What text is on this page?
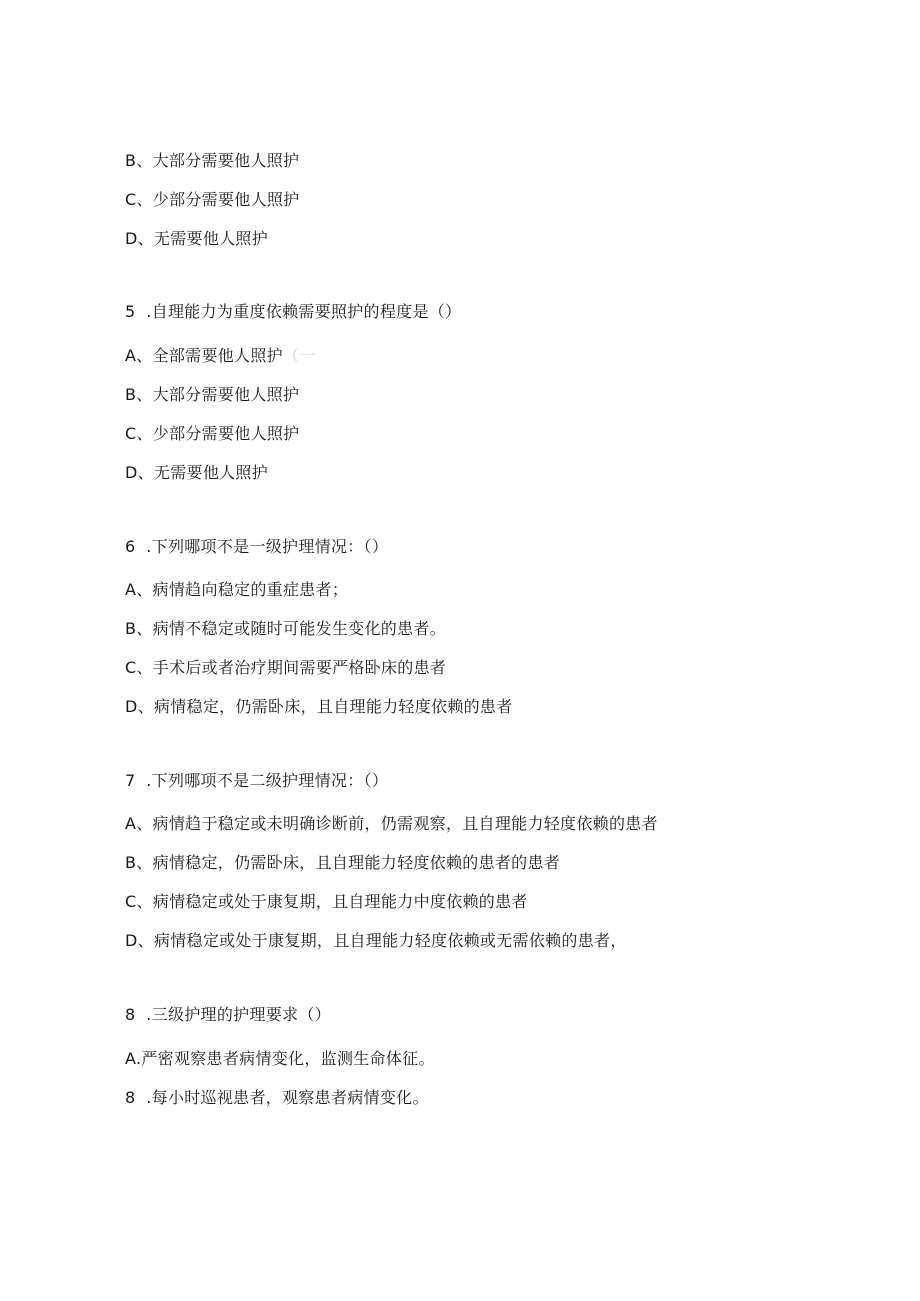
B、大部分需要他人照护
C、少部分需要他人照护
D、无需要他人照护
5 .自理能力为重度依赖需要照护的程度是（）
A、全部需要他人照护（一
B、大部分需要他人照护
C、少部分需要他人照护
D、无需要他人照护
6 .下列哪项不是一级护理情况：（）
A、病情趋向稳定的重症患者；
B、病情不稳定或随时可能发生变化的患者。
C、手术后或者治疗期间需要严格卧床的患者
D、病情稳定，仍需卧床，且自理能力轻度依赖的患者
7 .下列哪项不是二级护理情况：（）
A、病情趋于稳定或未明确诊断前，仍需观察，且自理能力轻度依赖的患者
B、病情稳定，仍需卧床，且自理能力轻度依赖的患者的患者
C、病情稳定或处于康复期，且自理能力中度依赖的患者
D、病情稳定或处于康复期，且自理能力轻度依赖或无需依赖的患者，
8 .三级护理的护理要求（）
A.严密观察患者病情变化，监测生命体征。
8 .每小时巡视患者，观察患者病情变化。
